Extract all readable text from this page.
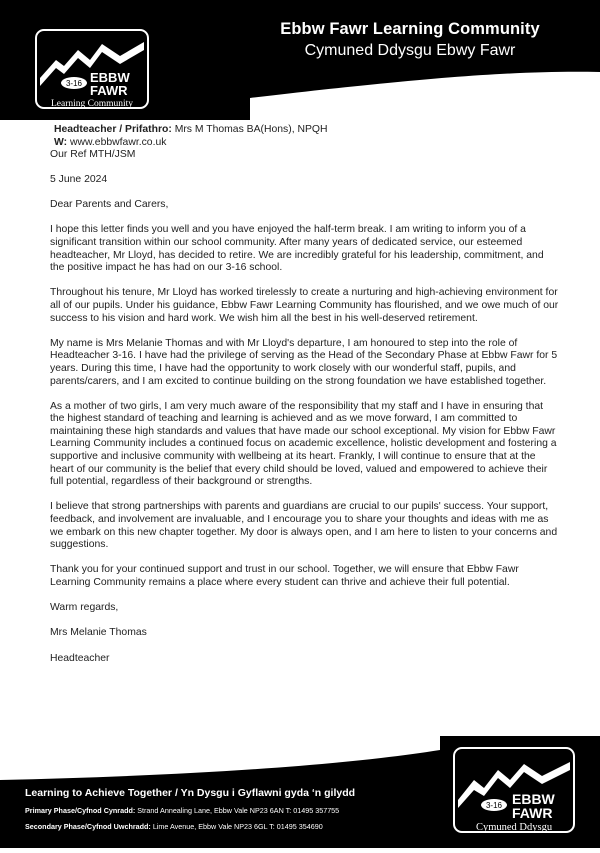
Ebbw Fawr Learning Community
Cymuned Ddysgu Ebwy Fawr
3-16 EBBW
FAWR
Learning Community
Headteacher / Prifathro: Mrs M Thomas BA(Hons), NPQH
W: www.ebbwfawr.co.uk
Our Ref MTH/JSM

5 June 2024

Dear Parents and Carers,

I hope this letter finds you well and you have enjoyed the half-term break. I am writing to inform you of a significant transition within our school community. After many years of dedicated service, our esteemed headteacher, Mr Lloyd, has decided to retire. We are incredibly grateful for his leadership, commitment, and the positive impact he has had on our 3-16 school.

Throughout his tenure, Mr Lloyd has worked tirelessly to create a nurturing and high-achieving environment for all of our pupils. Under his guidance, Ebbw Fawr Learning Community has flourished, and we owe much of our success to his vision and hard work. We wish him all the best in his well-deserved retirement.

My name is Mrs Melanie Thomas and with Mr Lloyd's departure, I am honoured to step into the role of Headteacher 3-16. I have had the privilege of serving as the Head of the Secondary Phase at Ebbw Fawr for 5 years. During this time, I have had the opportunity to work closely with our wonderful staff, pupils, and parents/carers, and I am excited to continue building on the strong foundation we have established together.

As a mother of two girls, I am very much aware of the responsibility that my staff and I have in ensuring that the highest standard of teaching and learning is achieved and as we move forward, I am committed to maintaining these high standards and values that have made our school exceptional. My vision for Ebbw Fawr Learning Community includes a continued focus on academic excellence, holistic development and fostering a supportive and inclusive community with wellbeing at its heart. Frankly, I will continue to ensure that at the heart of our community is the belief that every child should be loved, valued and empowered to achieve their full potential, regardless of their background or strengths.

I believe that strong partnerships with parents and guardians are crucial to our pupils' success. Your support, feedback, and involvement are invaluable, and I encourage you to share your thoughts and ideas with me as we embark on this new chapter together. My door is always open, and I am here to listen to your concerns and suggestions.

Thank you for your continued support and trust in our school. Together, we will ensure that Ebbw Fawr Learning Community remains a place where every student can thrive and achieve their full potential.

Warm regards,

Mrs Melanie Thomas

Headteacher

Learning to Achieve Together / Yn Dysgu i Gyflawni gyda ‘n gilydd
Primary Phase/Cyfnod Cynradd: Strand Annealing Lane, Ebbw Vale NP23 6AN T: 01495 357755
Secondary Phase/Cyfnod Uwchradd: Lime Avenue, Ebbw Vale NP23 6GL T: 01495 354690
3-16 EBBW
FAWR
Cymuned Ddysgu
